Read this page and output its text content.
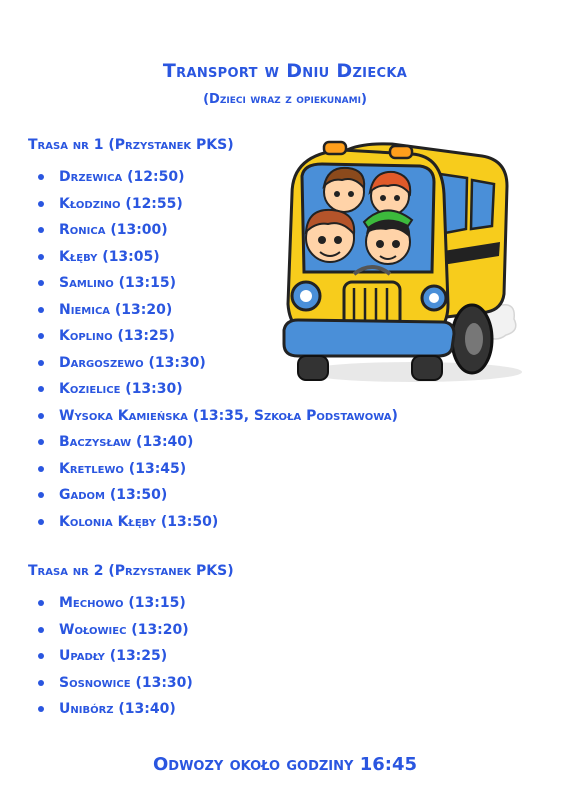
Transport w Dniu Dziecka
(Dzieci wraz z opiekunami)
Trasa nr 1 (Przystanek PKS)
Drzewica (12:50)
Kłodzino (12:55)
Ronica (13:00)
Kłęby (13:05)
Samlino (13:15)
Niemica (13:20)
Koplino (13:25)
Dargoszewo (13:30)
Kozielice (13:30)
Wysoka Kamieńska (13:35, Szkoła Podstawowa)
Baczysław (13:40)
Kretlewo (13:45)
Gadom (13:50)
Kolonia Kłęby (13:50)
Trasa nr 2 (Przystanek PKS)
Mechowo (13:15)
Wołowiec (13:20)
Upadły (13:25)
Sosnowice (13:30)
Unibórz (13:40)
Odwozy około godziny 16:45
